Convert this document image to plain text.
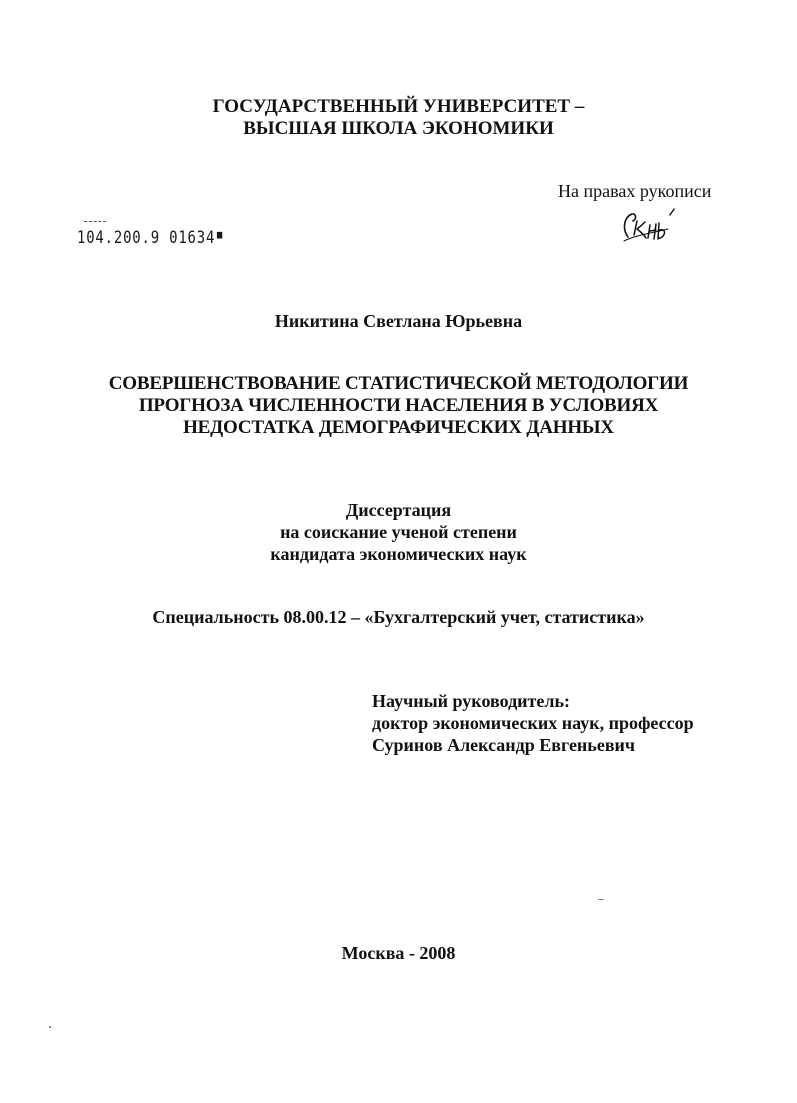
ГОСУДАРСТВЕННЫЙ УНИВЕРСИТЕТ –
ВЫСШАЯ ШКОЛА ЭКОНОМИКИ
На правах рукописи
104.200.9 01634 ■
Никитина Светлана Юрьевна
СОВЕРШЕНСТВОВАНИЕ СТАТИСТИЧЕСКОЙ МЕТОДОЛОГИИ
ПРОГНОЗА ЧИСЛЕННОСТИ НАСЕЛЕНИЯ В УСЛОВИЯХ
НЕДОСТАТКА ДЕМОГРАФИЧЕСКИХ ДАННЫХ
Диссертация
на соискание ученой степени
кандидата экономических наук
Специальность 08.00.12 – «Бухгалтерский учет, статистика»
Научный руководитель:
доктор экономических наук, профессор
Суринов Александр Евгеньевич
Москва - 2008
